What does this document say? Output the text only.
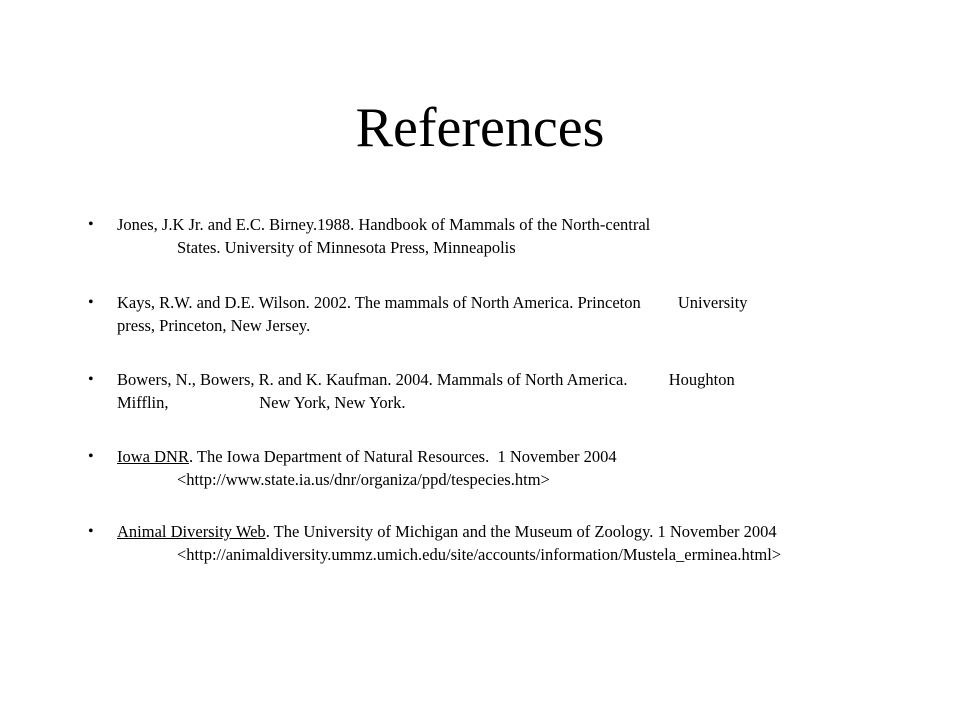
References
• Jones, J.K Jr. and E.C. Birney.1988. Handbook of Mammals of the North-central
States. University of Minnesota Press, Minneapolis
• Kays, R.W. and D.E. Wilson. 2002. The mammals of North America. Princeton         University
press, Princeton, New Jersey.
• Bowers, N., Bowers, R. and K. Kaufman. 2004. Mammals of North America.          Houghton
Mifflin,                      New York, New York.
• Iowa DNR. The Iowa Department of Natural Resources.  1 November 2004
<http://www.state.ia.us/dnr/organiza/ppd/tespecies.htm>
• Animal Diversity Web. The University of Michigan and the Museum of Zoology. 1 November 2004
<http://animaldiversity.ummz.umich.edu/site/accounts/information/Mustela_erminea.html>
